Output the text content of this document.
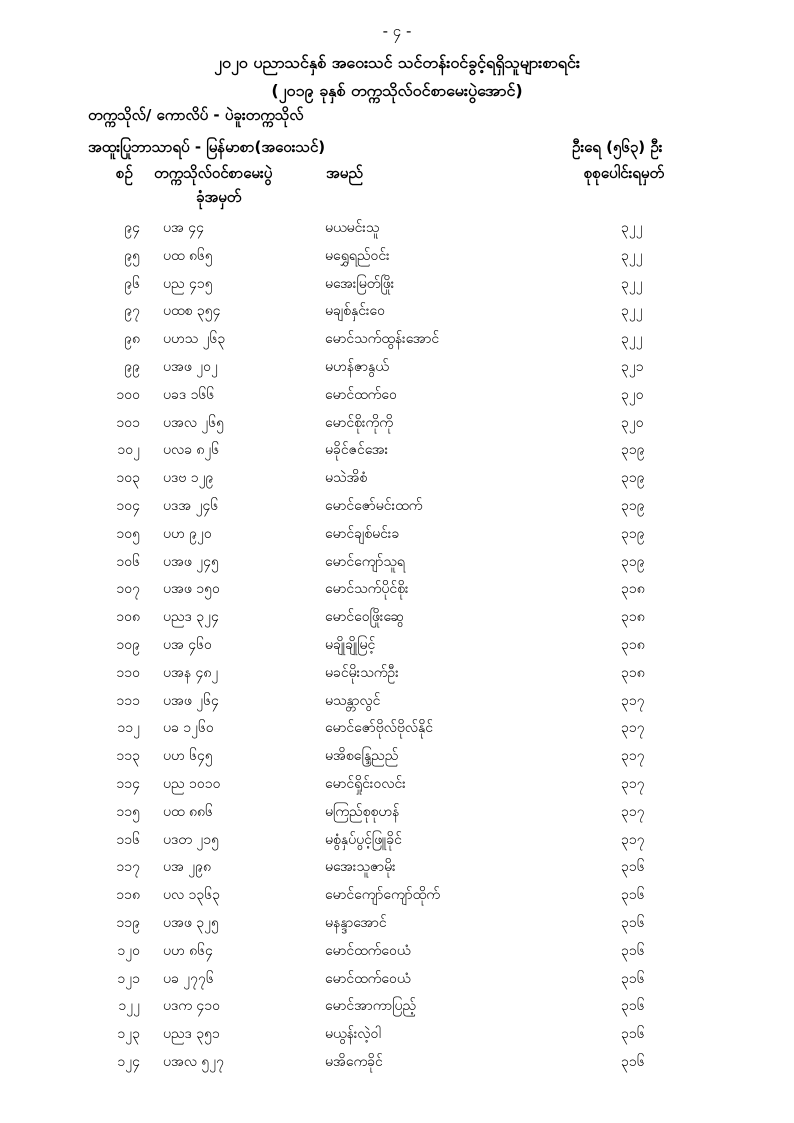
- ၄ -
၂၀၂၀ ပညာသင်နှစ် အဝေးသင် သင်တန်းဝင်ခွင့်ရရှိသူများစာရင်း
(၂၀၁၉ ခုနှစ် တက္ကသိုလ်ဝင်စာမေးပွဲအောင်)
တက္ကသိုလ်/ ကောလိပ် - ပဲခူးတက္ကသိုလ်
အထူးပြုဘာသာရပ် - မြန်မာစာ(အဝေးသင်)	ဦးရေ (၅၆၃) ဦး
စဉ် တက္ကသိုလ်ဝင်စာမေးပွဲ
ခုံအမှတ်
အမည်	စုစုပေါင်းရမှတ်
၉၄ ပအ ၄၄	မယမင်းသူ	၃၂၂
၉၅ ပထ ၈၆၅	မရွှေရည်ဝင်း	၃၂၂
၉၆ ပည ၄၁၅	မအေးမြတ်ဖြိုး	၃၂၂
၉၇ ပထစ ၃၅၄	မချစ်နှင်းဝေ	၃၂၂
၉၈ ပဟသ ၂၆၃	မောင်သက်ထွန်းအောင်	၃၂၂
၉၉ ပအဖ ၂၀၂	မဟန်ဇာနွယ်	၃၂၁
၁၀၀ ပခဒ ၁၆၆	မောင်ထက်ဝေ	၃၂၀
၁၀၁ ပအလ ၂၆၅	မောင်စိုးကိုကို	၃၂၀
၁၀၂ ပလခ ၈၂၆	မခိုင်ဇင်အေး	၃၁၉
၁၀၃ ပဒဗ ၁၂၉	မသဲအိစံ	၃၁၉
၁၀၄ ပဒအ ၂၄၆	မောင်ဇော်မင်းထက်	၃၁၉
၁၀၅ ပဟ ၉၂၀	မောင်ချစ်မင်းခ	၃၁၉
၁၀၆ ပအဖ ၂၄၅	မောင်ကျော်သူရ	၃၁၉
၁၀၇ ပအဖ ၁၅၀	မောင်သက်ပိုင်စိုး	၃၁၈
၁၀၈ ပညဒ ၃၂၄	မောင်ဝေဖြိုးဆွေ	၃၁၈
၁၀၉ ပအ ၄၆၀	မချိုချိုမြင့်	၃၁၈
၁၁၀ ပအန ၄၈၂	မခင်မိုးသက်ဦး	၃၁၈
၁၁၁ ပအဖ ၂၆၄	မသန္တာလွင်	၃၁၇
၁၁၂ ပခ ၁၂၆၀	မောင်ဇော်ဗိုလ်ဗိုလ်နိုင်	၃၁၇
၁၁၃ ပဟ ၆၄၅	မအိစန္ဒြေညည်	၃၁၇
၁၁၄ ပည ၁၀၁၀	မောင်ရှိုင်းဝလင်း	၃၁၇
၁၁၅ ပထ ၈၈၆	မကြည်စုစုဟန်	၃၁၇
၁၁၆ ပဒတ ၂၁၅	မစွံနှပ်ပွင့်ဖြူခိုင်	၃၁၇
၁၁၇ ပအ ၂၉၈	မအေးသူဇာမိုး	၃၁၆
၁၁၈ ပလ ၁၃၆၃	မောင်ကျော်ကျော်ထိုက်	၃၁၆
၁၁၉ ပအဖ ၃၂၅	မနန္ဒာအောင်	၃၁၆
၁၂၀ ပဟ ၈၆၄	မောင်ထက်ဝေယံ	၃၁၆
၁၂၁ ပခ ၂၇၇၆	မောင်ထက်ဝေယံ	၃၁၆
၁၂၂ ပဒက ၄၁၀	မောင်အာကာပြည့်	၃၁၆
၁၂၃ ပညဒ ၃၅၁	မယွန်းလဲ့ဝါ	၃၁၆
၁၂၄ ပအလ ၅၂၇	မအိကေခိုင်	၃၁၆
